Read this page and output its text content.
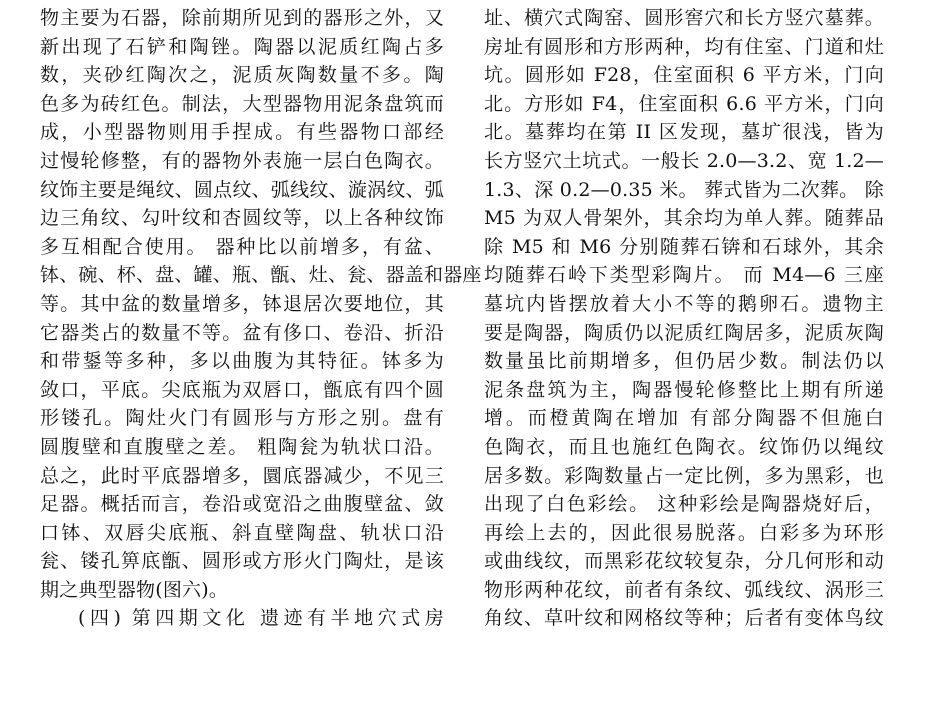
物主要为石器，除前期所见到的器形之外，又
新出现了石铲和陶锉。陶器以泥质红陶占多
数，夹砂红陶次之，泥质灰陶数量不多。陶
色多为砖红色。制法，大型器物用泥条盘筑而
成，小型器物则用手捏成。有些器物口部经
过慢轮修整，有的器物外表施一层白色陶衣。
纹饰主要是绳纹、圆点纹、弧线纹、漩涡纹、弧
边三角纹、勾叶纹和杏圆纹等，以上各种纹饰
多互相配合使用。 器种比以前增多，有盆、
钵、碗、杯、盘、罐、瓶、甑、灶、瓮、器盖和器座
等。其中盆的数量增多，钵退居次要地位，其
它器类占的数量不等。盆有侈口、卷沿、折沿
和带鋬等多种，多以曲腹为其特征。钵多为
敛口，平底。尖底瓶为双唇口，甑底有四个圆
形镂孔。陶灶火门有圆形与方形之别。盘有
圆腹壁和直腹壁之差。 粗陶瓮为轨状口沿。
总之，此时平底器增多，圜底器减少，不见三
足器。概括而言，卷沿或宽沿之曲腹壁盆、敛
口钵、双唇尖底瓶、斜直壁陶盘、轨状口沿
瓮、镂孔箅底甑、圆形或方形火门陶灶，是该
期之典型器物(图六)。
(四) 第四期文化 遗迹有半地穴式房
址、横穴式陶窑、圆形窖穴和长方竖穴墓葬。
房址有圆形和方形两种，均有住室、门道和灶
坑。圆形如 F28，住室面积 6 平方米，门向
北。方形如 F4，住室面积 6.6 平方米，门向
北。墓葬均在第 II 区发现，墓圹很浅，皆为
长方竖穴土坑式。一般长 2.0—3.2、宽 1.2—
1.3、深 0.2—0.35 米。 葬式皆为二次葬。 除
M5 为双人骨架外，其余均为单人葬。随葬品
除 M5 和 M6 分别随葬石锛和石球外，其余
均随葬石岭下类型彩陶片。 而 M4—6 三座
墓坑内皆摆放着大小不等的鹅卵石。遗物主
要是陶器，陶质仍以泥质红陶居多，泥质灰陶
数量虽比前期增多，但仍居少数。制法仍以
泥条盘筑为主，陶器慢轮修整比上期有所递
增。而橙黄陶在增加 有部分陶器不但施白
色陶衣，而且也施红色陶衣。纹饰仍以绳纹
居多数。彩陶数量占一定比例，多为黑彩，也
出现了白色彩绘。 这种彩绘是陶器烧好后，
再绘上去的，因此很易脱落。白彩多为环形
或曲线纹，而黑彩花纹较复杂，分几何形和动
物形两种花纹，前者有条纹、弧线纹、涡形三
角纹、草叶纹和网格纹等种；后者有变体鸟纹
